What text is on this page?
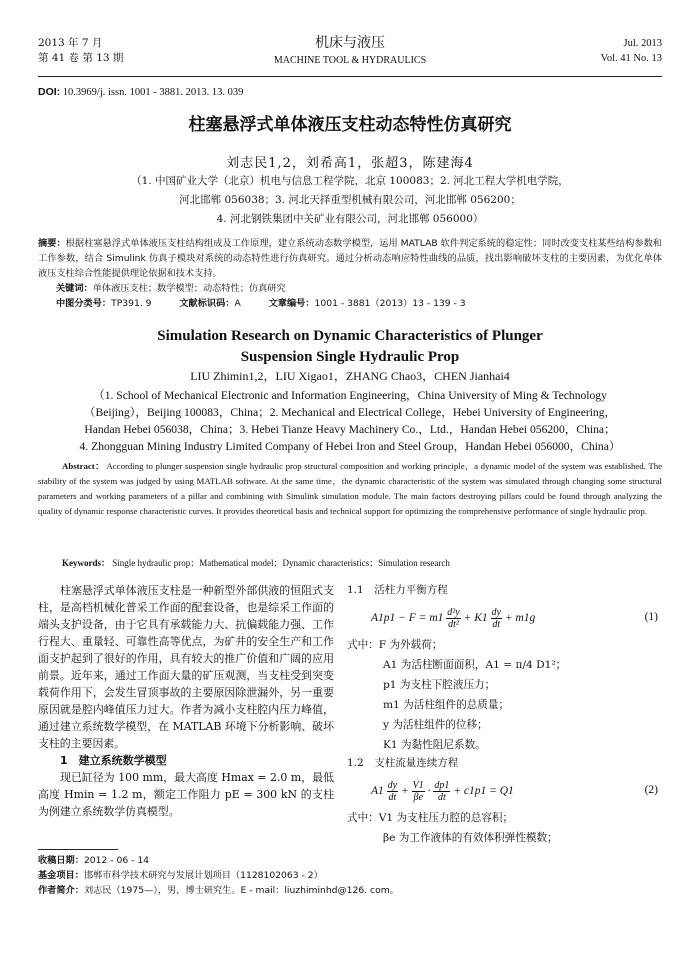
2013 年 7 月
第 41 卷 第 13 期
机床与液压
MACHINE TOOL & HYDRAULICS
Jul. 2013
Vol. 41 No. 13
DOI: 10.3969/j. issn. 1001 - 3881. 2013. 13. 039
柱塞悬浮式单体液压支柱动态特性仿真研究
刘志民1,2，刘希高1，张超3，陈建海4
（1. 中国矿业大学（北京）机电与信息工程学院，北京 100083；2. 河北工程大学机电学院，
河北邯郸 056038；3. 河北天择重型机械有限公司，河北邯郸 056200；
4. 河北钢铁集团中关矿业有限公司，河北邯郸 056000）
摘要：根据柱塞悬浮式单体液压支柱结构组成及工作原理，建立系统动态数学模型，运用 MATLAB 软件判定系统的稳定性；同时改变支柱某些结构参数和工作参数，结合 Simulink 仿真子模块对系统的动态特性进行仿真研究。通过分析动态响应特性曲线的品质，找出影响破坏支柱的主要因素，为优化单体液压支柱综合性能提供理论依据和技术支持。
关键词：单体液压支柱；数学模型；动态特性；仿真研究
中图分类号：TP391. 9	文献标识码：A	文章编号：1001 - 3881（2013）13 - 139 - 3
Simulation Research on Dynamic Characteristics of Plunger
Suspension Single Hydraulic Prop
LIU Zhimin1,2，LIU Xigao1，ZHANG Chao3，CHEN Jianhai4
（1. School of Mechanical Electronic and Information Engineering，China University of Ming & Technology
（Beijing），Beijing 100083，China；2. Mechanical and Electrical College，Hebei University of Engineering，
Handan Hebei 056038，China；3. Hebei Tianze Heavy Machinery Co.，Ltd.，Handan Hebei 056200，China；
4. Zhongguan Mining Industry Limited Company of Hebei Iron and Steel Group，Handan Hebei 056000，China）
Abstract： According to plunger suspension single hydraulic prop structural composition and working principle，a dynamic model of the system was established. The stability of the system was judged by using MATLAB software. At the same time，the dynamic characteristic of the system was simulated through changing some structural parameters and working parameters of a pillar and combining with Simulink simulation module. The main factors destroying pillars could be found through analyzing the quality of dynamic response characteristic curves. It provides theoretical basis and technical support for optimizing the comprehensive performance of single hydraulic prop.
Keywords： Single hydraulic prop；Mathematical model；Dynamic characteristics；Simulation research

柱塞悬浮式单体液压支柱是一种新型外部供液的恒阻式支柱，是高档机械化普采工作面的配套设备，也是综采工作面的端头支护设备，由于它具有承载能力大、抗偏载能力强、工作行程大、重量轻、可靠性高等优点，为矿井的安全生产和工作面支护起到了很好的作用，具有较大的推广价值和广阔的应用前景。近年来，通过工作面大量的矿压观测，当支柱受到突变载荷作用下，会发生冒顶事故的主要原因除泄漏外，另一重要原因就是腔内峰值压力过大。作者为减小支柱腔内压力峰值，通过建立系统数学模型，在 MATLAB 环境下分析影响、破坏支柱的主要因素。

1　建立系统数学模型

现已缸径为 100 mm，最大高度 Hmax = 2.0 m，最低高度 Hmin = 1.2 m，额定工作阻力 pE = 300 kN 的支柱为例建立系统数学仿真模型。

1.1　活柱力平衡方程

$A1p1 - F = m1 \frac{\text{d²y}}{\text{dt²}} + K1 \frac{dy}{dt} + m1g$	(1)

式中：F 为外载荷；

A1 为活柱断面面积，A1 = π/4 D1²；

p1 为支柱下腔液压力；

m1 为活柱组件的总质量；

y 为活柱组件的位移；

K1 为黏性阻尼系数。

1.2　支柱流量连续方程

$A1 \frac{dy}{dt} + \frac{V1}{\beta e} \cdot \frac{dp1}{dt} + c1p1 = Q1$	(2)

式中：V1 为支柱压力腔的总容积；

βe 为工作液体的有效体积弹性模数；

收稿日期：2012 - 06 - 14
基金项目：邯郸市科学技术研究与发展计划项目（1128102063 - 2）
作者简介：刘志民（1975—），男，博士研究生。E - mail：liuzhiminhd@126. com。
